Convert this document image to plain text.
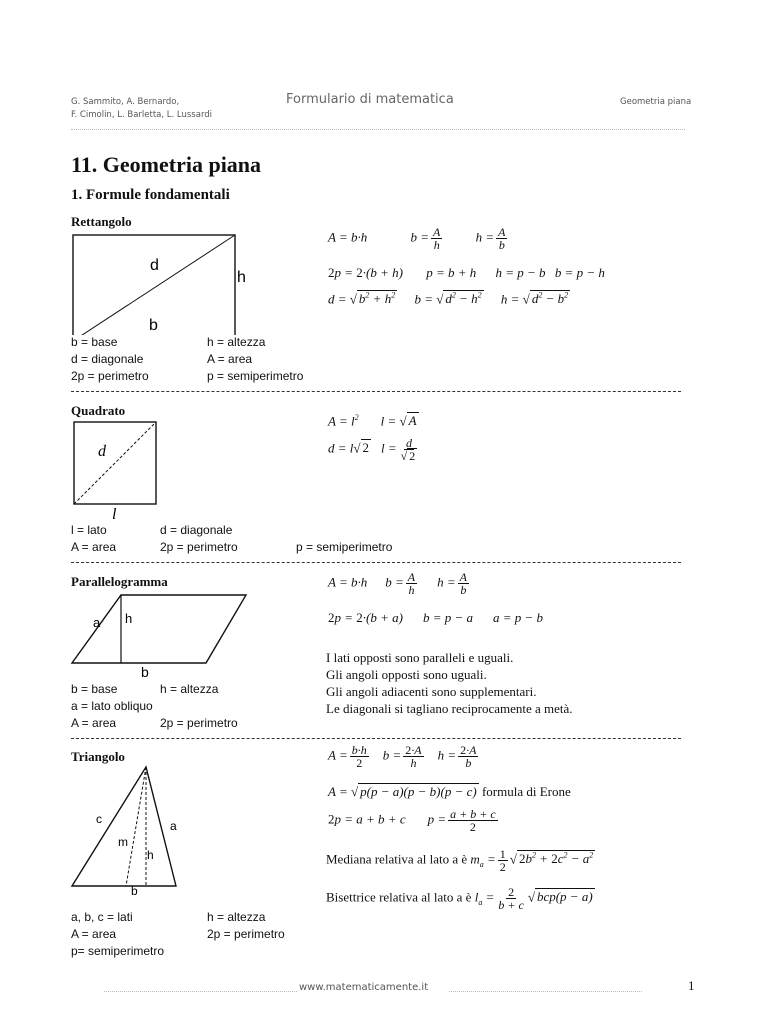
G. Sammito, A. Bernardo,
F. Cimolin, L. Barletta, L. Lussardi
Formulario di matematica	Geometria piana
11. Geometria piana
1. Formule fondamentali
Rettangolo
d
h
b
b = base	h = altezza
d = diagonale	A = area
2p = perimetro	p = semiperimetro
A = b·h	$b = \frac{A}{h}$	$h = \frac{A}{b}$
2p = 2·(b + h) p = b + h h = p − b b = p − h
d = √ $b^2 + h^2$ b = √ $d^2 - h^2$ h = √ $d^2 - b^2$
Quadrato
d
l
l = lato	d = diagonale
A = area	2p = perimetro	p = semiperimetro
$A = l^2$ l = √ A
d = l√ 2 $l = \frac{d}{√ 2}$
Parallelogramma
a h
b
b = base	h = altezza
a = lato obliquo
A = area	2p = perimetro
A = b·h $b = \frac{A}{h}$ $h = \frac{A}{b}$
2p = 2·(b + a) b = p − a a = p − b
I lati opposti sono paralleli e uguali.
Gli angoli opposti sono uguali.
Gli angoli adiacenti sono supplementari.
Le diagonali si tagliano reciprocamente a metà.
Triangolo
c	a
m
h
b
a, b, c = lati	h = altezza
A = area	2p = perimetro
p= semiperimetro
$A = \frac{b\cdot h}{2}$ $b = \frac{2\cdot A}{h}$ $h = \frac{2\cdot A}{b}$
A = √ p(p − a)(p − b)(p − c) formula di Erone
2p = a + b + c $p = \frac{a + b + c}{2}$
Mediana relativa al lato a è $m_a = \frac{1}{2}$ √ $2b^2 + 2c^2 - a^2$
Bisettrice relativa al lato a è $l_a = \frac{2}{b + c}$ √ bcp(p − a)
www.matematicamente.it	1
